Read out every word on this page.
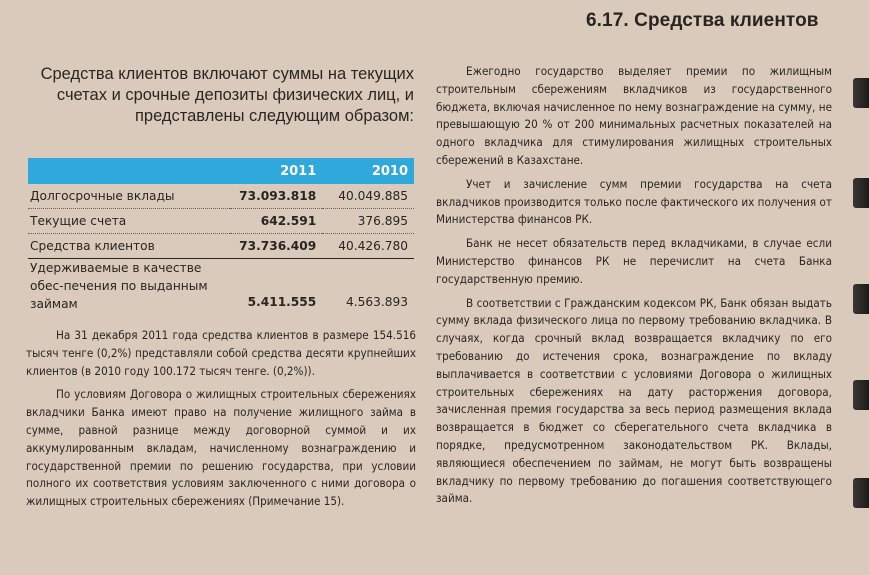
6.17. Средства клиентов
Средства клиентов включают суммы на текущих счетах и срочные депозиты физических лиц, и представлены следующим образом:
	2011	2010
Долгосрочные вклады	73.093.818	40.049.885
Текущие счета	642.591	376.895
Средства клиентов	73.736.409	40.426.780
Удерживаемые в качестве обес-печения по выданным займам	5.411.555	4.563.893

На 31 декабря 2011 года средства клиентов в размере 154.516 тысяч тенге (0,2%) представляли собой средства десяти крупнейших клиентов (в 2010 году 100.172 тысяч тенге. (0,2%)).

По условиям Договора о жилищных строительных сбережениях вкладчики Банка имеют право на получение жилищного займа в сумме, равной разнице между договорной суммой и их аккумулированным вкладам, начисленному вознаграждению и государственной премии по решению государства, при условии полного их соответствия условиям заключенного с ними договора о жилищных строительных сбережениях (Примечание 15).

Ежегодно государство выделяет премии по жилищным строительным сбережениям вкладчиков из государственного бюджета, включая начисленное по нему вознаграждение на сумму, не превышающую 20 % от 200 минимальных расчетных показателей на одного вкладчика для стимулирования жилищных строительных сбережений в Казахстане.

Учет и зачисление сумм премии государства на счета вкладчиков производится только после фактического их получения от Министерства финансов РК.

Банк не несет обязательств перед вкладчиками, в случае если Министерство финансов РК не перечислит на счета Банка государственную премию.

В соответствии с Гражданским кодексом РК, Банк обязан выдать сумму вклада физического лица по первому требованию вкладчика. В случаях, когда срочный вклад возвращается вкладчику по его требованию до истечения срока, вознаграждение по вкладу выплачивается в соответствии с условиями Договора о жилищных строительных сбережениях на дату расторжения договора, зачисленная премия государства за весь период размещения вклада возвращается в бюджет со сберегательного счета вкладчика в порядке, предусмотренном законодательством РК. Вклады, являющиеся обеспечением по займам, не могут быть возвращены вкладчику по первому требованию до погашения соответствующего займа.
